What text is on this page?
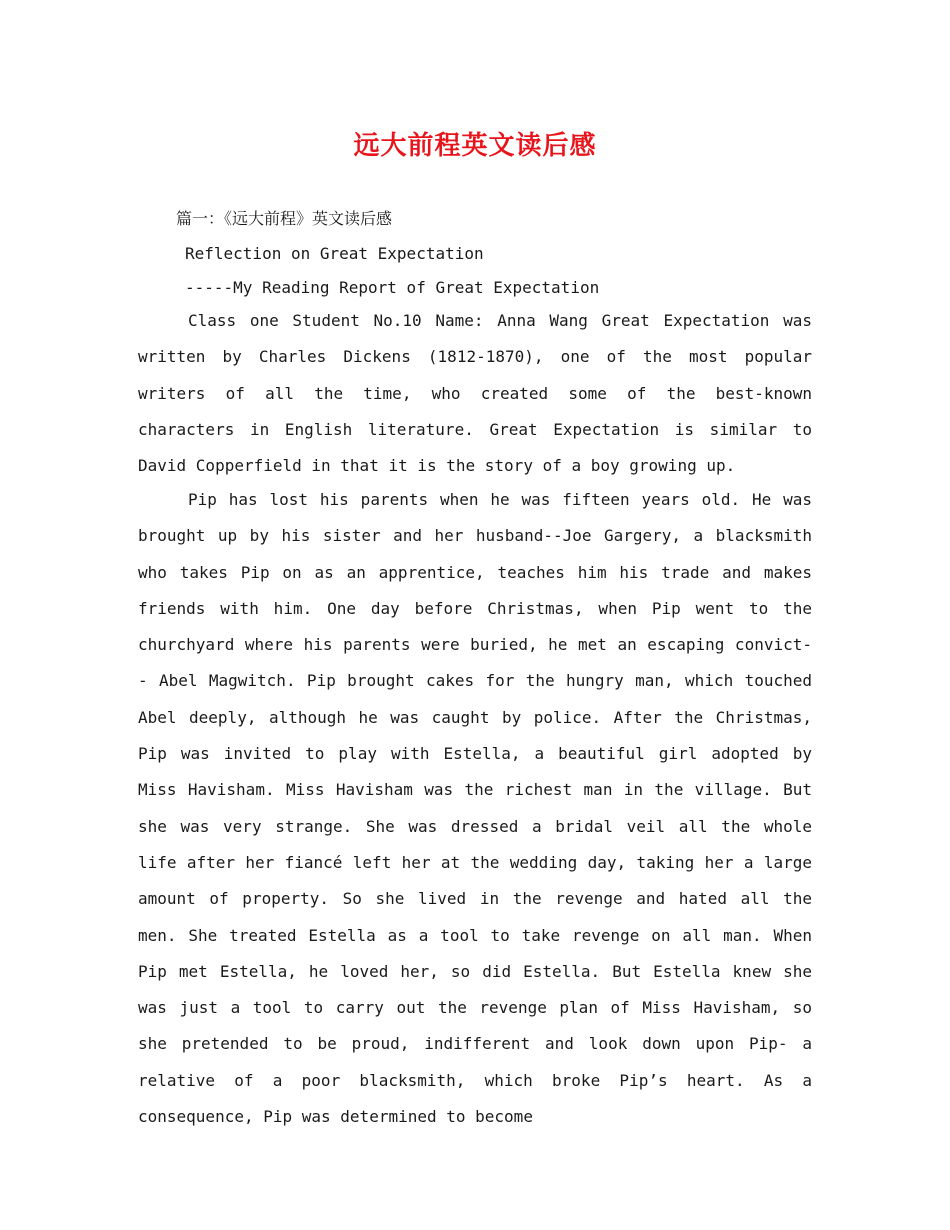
远大前程英文读后感
篇一：《远大前程》英文读后感
Reflection on Great Expectation
-----My Reading Report of Great Expectation

Class one Student No.10 Name: Anna Wang Great Expectation was written by Charles Dickens (1812-1870), one of the most popular writers of all the time, who created some of the best-known characters in English literature. Great Expectation is similar to David Copperfield in that it is the story of a boy growing up.

Pip has lost his parents when he was fifteen years old. He was brought up by his sister and her husband--Joe Gargery, a blacksmith who takes Pip on as an apprentice, teaches him his trade and makes friends with him. One day before Christmas, when Pip went to the churchyard where his parents were buried, he met an escaping convict-- Abel Magwitch. Pip brought cakes for the hungry man, which touched Abel deeply, although he was caught by police. After the Christmas, Pip was invited to play with Estella, a beautiful girl adopted by Miss Havisham. Miss Havisham was the richest man in the village. But she was very strange. She was dressed a bridal veil all the whole life after her fiancé left her at the wedding day, taking her a large amount of property. So she lived in the revenge and hated all the men. She treated Estella as a tool to take revenge on all man. When Pip met Estella, he loved her, so did Estella. But Estella knew she was just a tool to carry out the revenge plan of Miss Havisham, so she pretended to be proud, indifferent and look down upon Pip- a relative of a poor blacksmith, which broke Pip’s heart. As a consequence, Pip was determined to become
